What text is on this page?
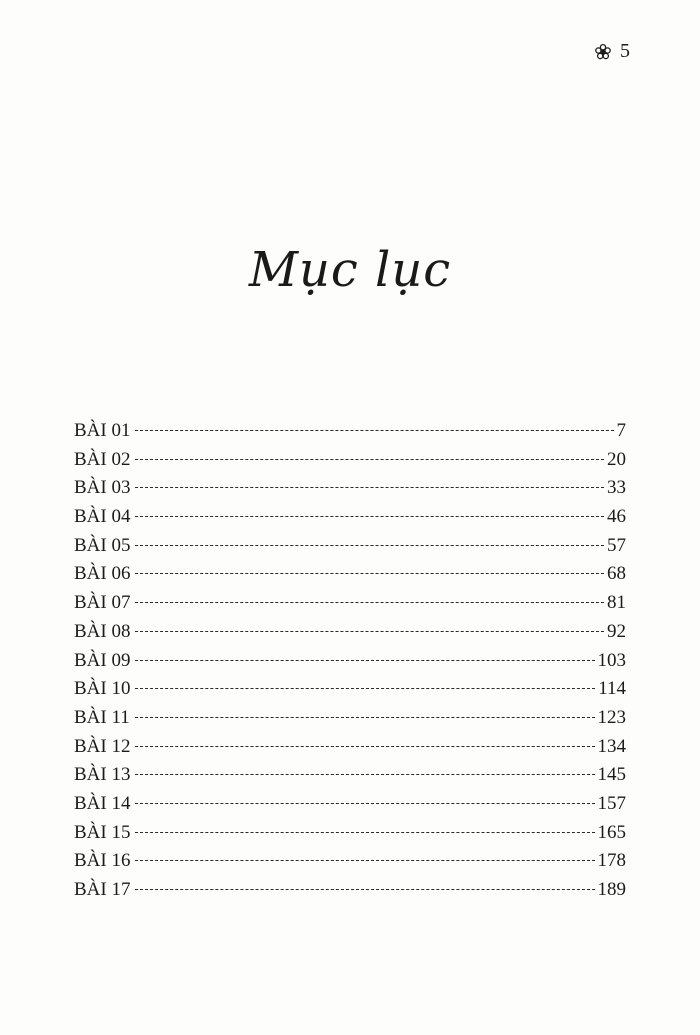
5
Mục lục
BÀI 01	7
BÀI 02	20
BÀI 03	33
BÀI 04	46
BÀI 05	57
BÀI 06	68
BÀI 07	81
BÀI 08	92
BÀI 09	103
BÀI 10	114
BÀI 11	123
BÀI 12	134
BÀI 13	145
BÀI 14	157
BÀI 15	165
BÀI 16	178
BÀI 17	189
